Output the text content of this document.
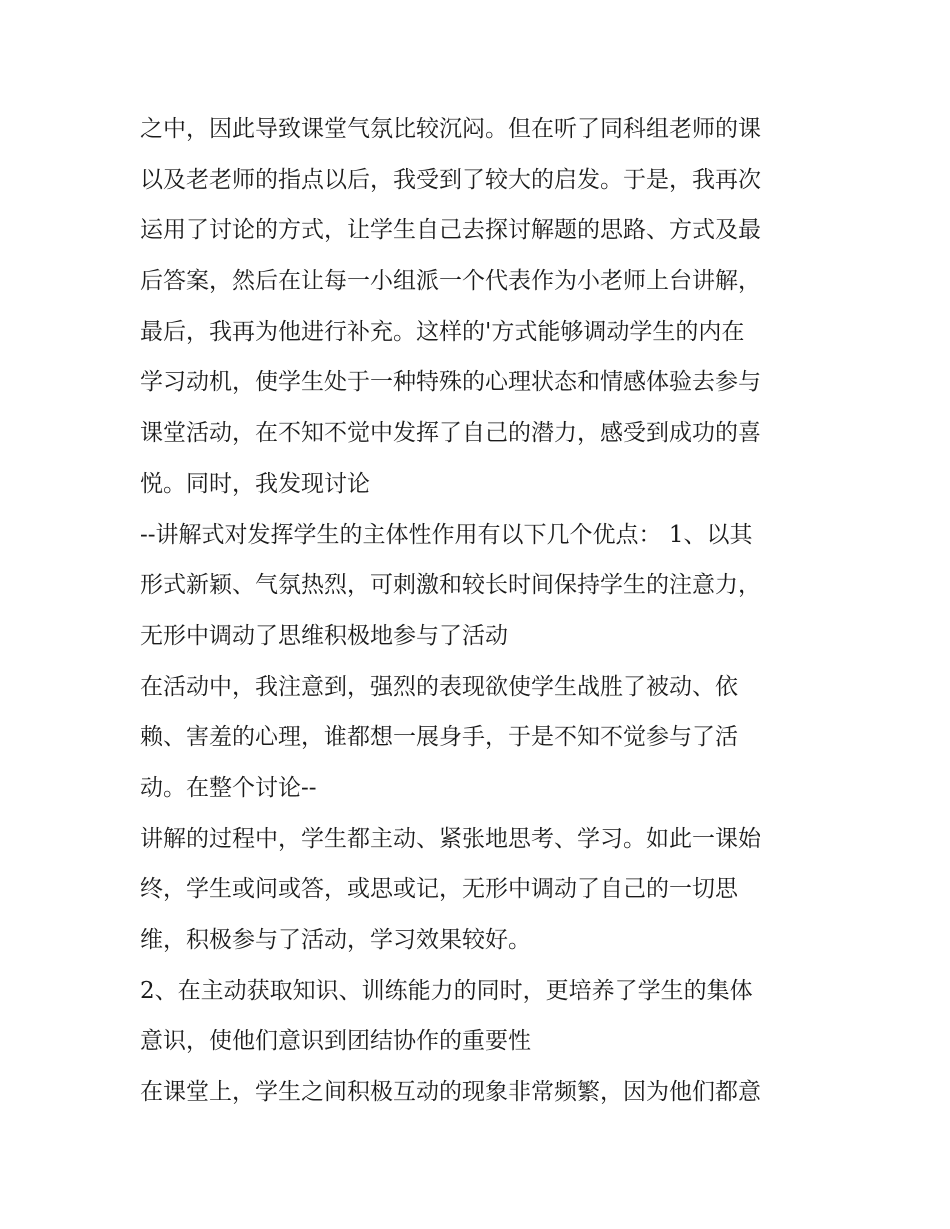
之中，因此导致课堂气氛比较沉闷。但在听了同科组老师的课
以及老老师的指点以后，我受到了较大的启发。于是，我再次
运用了讨论的方式，让学生自己去探讨解题的思路、方式及最
后答案，然后在让每一小组派一个代表作为小老师上台讲解，
最后，我再为他进行补充。这样的'方式能够调动学生的内在
学习动机，使学生处于一种特殊的心理状态和情感体验去参与
课堂活动，在不知不觉中发挥了自己的潜力，感受到成功的喜
悦。同时，我发现讨论
--讲解式对发挥学生的主体性作用有以下几个优点： 1、以其
形式新颖、气氛热烈，可刺激和较长时间保持学生的注意力，
无形中调动了思维积极地参与了活动
在活动中，我注意到，强烈的表现欲使学生战胜了被动、依
赖、害羞的心理，谁都想一展身手，于是不知不觉参与了活
动。在整个讨论--
讲解的过程中，学生都主动、紧张地思考、学习。如此一课始
终，学生或问或答，或思或记，无形中调动了自己的一切思
维，积极参与了活动，学习效果较好。
2、在主动获取知识、训练能力的同时，更培养了学生的集体
意识，使他们意识到团结协作的重要性
在课堂上，学生之间积极互动的现象非常频繁，因为他们都意
